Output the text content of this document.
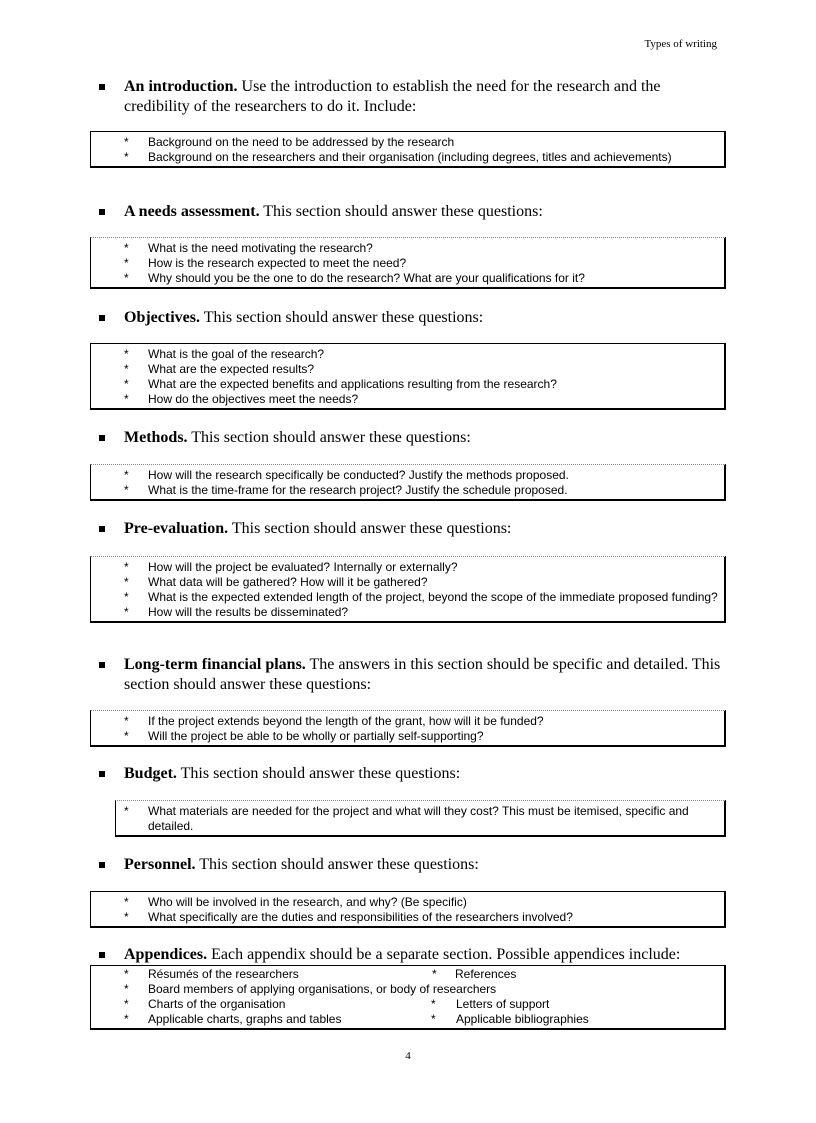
Types of writing
An introduction. Use the introduction to establish the need for the research and the credibility of the researchers to do it. Include:
* Background on the need to be addressed by the research
* Background on the researchers and their organisation (including degrees, titles and achievements)
A needs assessment. This section should answer these questions:
* What is the need motivating the research?
* How is the research expected to meet the need?
* Why should you be the one to do the research? What are your qualifications for it?
Objectives. This section should answer these questions:
* What is the goal of the research?
* What are the expected results?
* What are the expected benefits and applications resulting from the research?
* How do the objectives meet the needs?
Methods. This section should answer these questions:
* How will the research specifically be conducted? Justify the methods proposed.
* What is the time-frame for the research project? Justify the schedule proposed.
Pre-evaluation. This section should answer these questions:
* How will the project be evaluated? Internally or externally?
* What data will be gathered? How will it be gathered?
* What is the expected extended length of the project, beyond the scope of the immediate proposed funding?
* How will the results be disseminated?
Long-term financial plans. The answers in this section should be specific and detailed. This section should answer these questions:
* If the project extends beyond the length of the grant, how will it be funded?
* Will the project be able to be wholly or partially self-supporting?
Budget. This section should answer these questions:
* What materials are needed for the project and what will they cost? This must be itemised, specific and detailed.
Personnel. This section should answer these questions:
* Who will be involved in the research, and why? (Be specific)
* What specifically are the duties and responsibilities of the researchers involved?
Appendices. Each appendix should be a separate section. Possible appendices include:
* Résumés of the researchers	* References
* Board members of applying organisations, or body of researchers
* Charts of the organisation	* Letters of support
* Applicable charts, graphs and tables	* Applicable bibliographies
4
